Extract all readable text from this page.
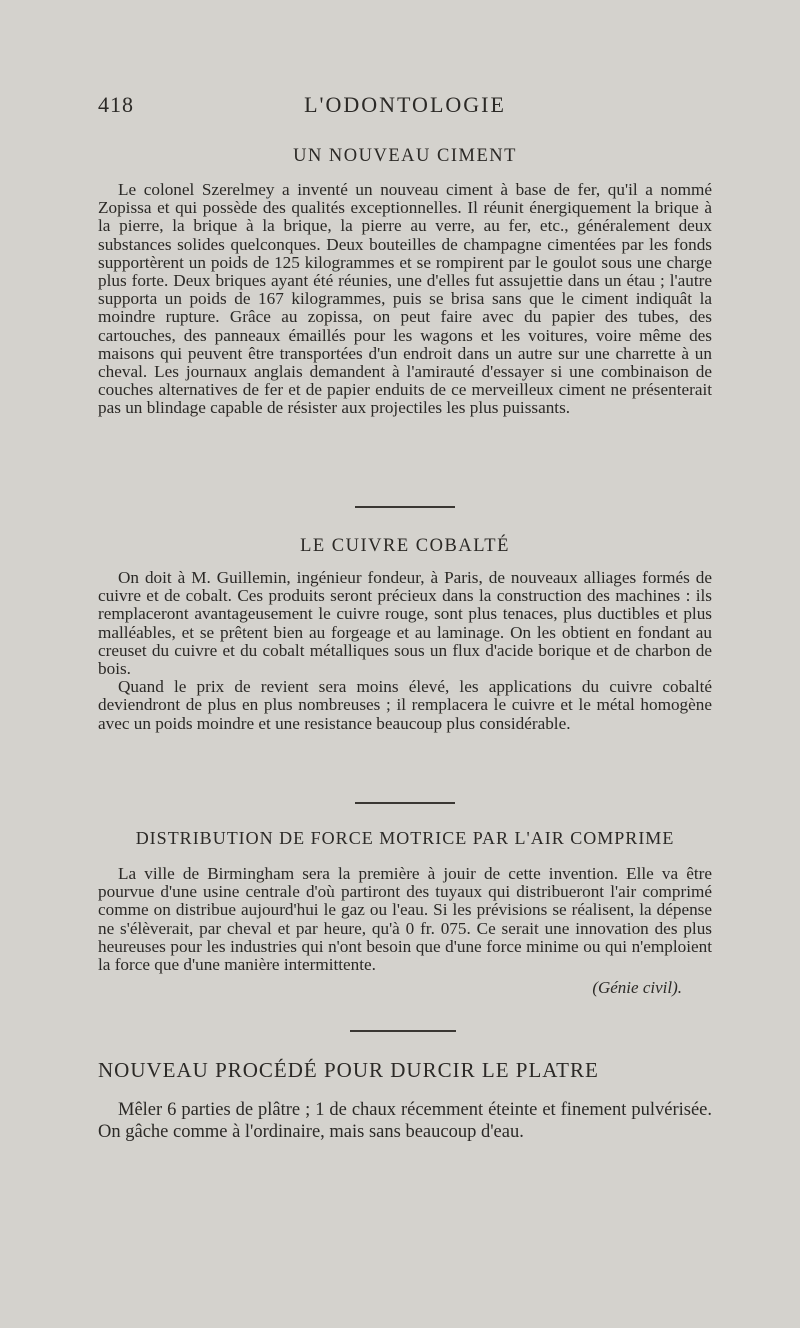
418	L'ODONTOLOGIE
UN NOUVEAU CIMENT

Le colonel Szerelmey a inventé un nouveau ciment à base de fer, qu'il a nommé Zopissa et qui possède des qualités exceptionnelles. Il réunit énergiquement la brique à la pierre, la brique à la brique, la pierre au verre, au fer, etc., généralement deux substances solides quelconques. Deux bouteilles de champagne cimentées par les fonds supportèrent un poids de 125 kilogrammes et se rompirent par le goulot sous une charge plus forte. Deux briques ayant été réunies, une d'elles fut assujettie dans un étau ; l'autre supporta un poids de 167 kilogrammes, puis se brisa sans que le ciment indiquât la moindre rupture. Grâce au zopissa, on peut faire avec du papier des tubes, des cartouches, des panneaux émaillés pour les wagons et les voitures, voire même des maisons qui peuvent être transportées d'un endroit dans un autre sur une charrette à un cheval. Les journaux anglais demandent à l'amirauté d'essayer si une combinaison de couches alternatives de fer et de papier enduits de ce merveilleux ciment ne présenterait pas un blindage capable de résister aux projectiles les plus puissants.

LE CUIVRE COBALTÉ

On doit à M. Guillemin, ingénieur fondeur, à Paris, de nouveaux alliages formés de cuivre et de cobalt. Ces produits seront précieux dans la construction des machines : ils remplaceront avantageusement le cuivre rouge, sont plus tenaces, plus ductibles et plus malléables, et se prêtent bien au forgeage et au laminage. On les obtient en fondant au creuset du cuivre et du cobalt métalliques sous un flux d'acide borique et de charbon de bois.

Quand le prix de revient sera moins élevé, les applications du cuivre cobalté deviendront de plus en plus nombreuses ; il remplacera le cuivre et le métal homogène avec un poids moindre et une resistance beaucoup plus considérable.

DISTRIBUTION DE FORCE MOTRICE PAR L'AIR COMPRIME

La ville de Birmingham sera la première à jouir de cette invention. Elle va être pourvue d'une usine centrale d'où partiront des tuyaux qui distribueront l'air comprimé comme on distribue aujourd'hui le gaz ou l'eau. Si les prévisions se réalisent, la dépense ne s'élèverait, par cheval et par heure, qu'à 0 fr. 075. Ce serait une innovation des plus heureuses pour les industries qui n'ont besoin que d'une force minime ou qui n'emploient la force que d'une manière intermittente.

(Génie civil).

NOUVEAU PROCÉDÉ POUR DURCIR LE PLATRE

Mêler 6 parties de plâtre ; 1 de chaux récemment éteinte et finement pulvérisée. On gâche comme à l'ordinaire, mais sans beaucoup d'eau.
